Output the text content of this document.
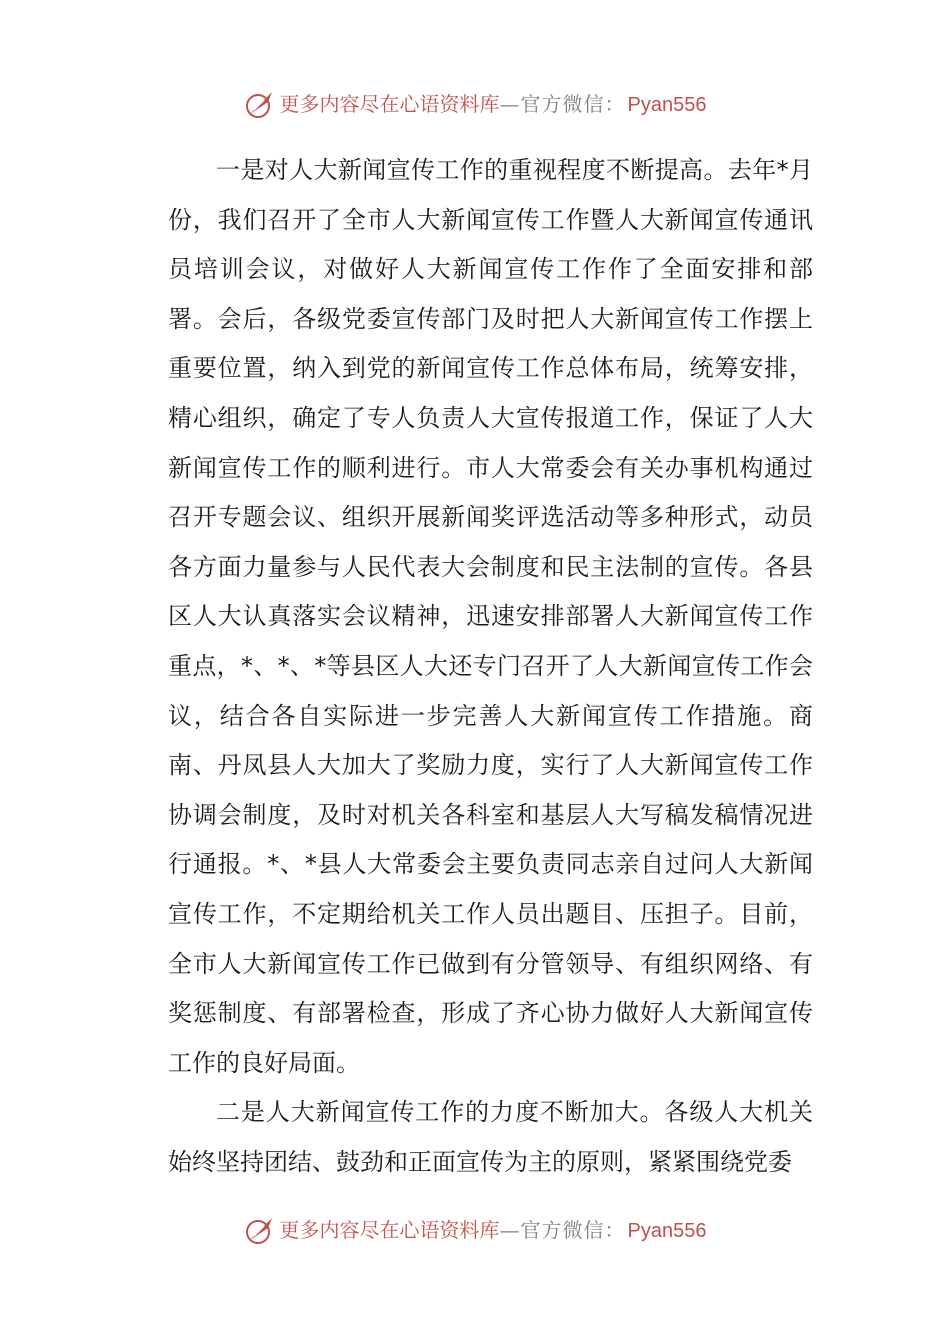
更多内容尽在心语资料库 —官方微信： Pyan556

一是对人大新闻宣传工作的重视程度不断提高。去年*月份，我们召开了全市人大新闻宣传工作暨人大新闻宣传通讯员培训会议，对做好人大新闻宣传工作作了全面安排和部署。会后，各级党委宣传部门及时把人大新闻宣传工作摆上重要位置，纳入到党的新闻宣传工作总体布局，统筹安排，精心组织，确定了专人负责人大宣传报道工作，保证了人大新闻宣传工作的顺利进行。市人大常委会有关办事机构通过召开专题会议、组织开展新闻奖评选活动等多种形式，动员各方面力量参与人民代表大会制度和民主法制的宣传。各县区人大认真落实会议精神，迅速安排部署人大新闻宣传工作重点，*、*、*等县区人大还专门召开了人大新闻宣传工作会议，结合各自实际进一步完善人大新闻宣传工作措施。商南、丹凤县人大加大了奖励力度，实行了人大新闻宣传工作协调会制度，及时对机关各科室和基层人大写稿发稿情况进行通报。*、*县人大常委会主要负责同志亲自过问人大新闻宣传工作，不定期给机关工作人员出题目、压担子。目前，全市人大新闻宣传工作已做到有分管领导、有组织网络、有奖惩制度、有部署检查，形成了齐心协力做好人大新闻宣传工作的良好局面。

二是人大新闻宣传工作的力度不断加大。各级人大机关始终坚持团结、鼓劲和正面宣传为主的原则，紧紧围绕党委

更多内容尽在心语资料库 —官方微信： Pyan556
